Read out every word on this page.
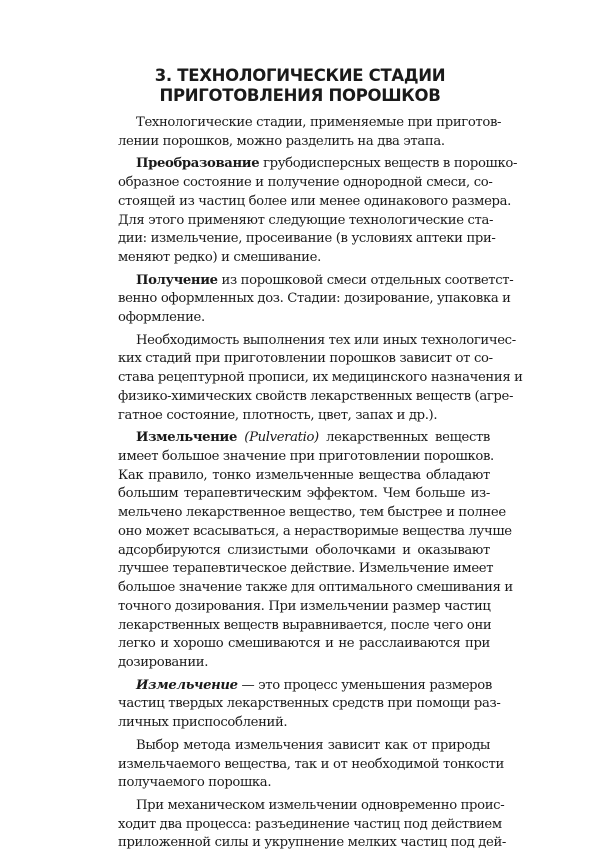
3. ТЕХНОЛОГИЧЕСКИЕ СТАДИИ
ПРИГОТОВЛЕНИЯ ПОРОШКОВ
Технологические стадии, применяемые при приготов-
лении порошков, можно разделить на два этапа.
Преобразование грубодисперсных веществ в порошко-
образное состояние и получение однородной смеси, со-
стоящей из частиц более или менее одинакового размера.
Для этого применяют следующие технологические ста-
дии: измельчение, просеивание (в условиях аптеки при-
меняют редко) и смешивание.
Получение из порошковой смеси отдельных соответст-
венно оформленных доз. Стадии: дозирование, упаковка и
оформление.
Необходимость выполнения тех или иных технологичес-
ких стадий при приготовлении порошков зависит от со-
става рецептурной прописи, их медицинского назначения и
физико-химических свойств лекарственных веществ (агре-
гатное состояние, плотность, цвет, запах и др.).
Измельчение (Pulveratio) лекарственных веществ
имеет большое значение при приготовлении порошков.
Как правило, тонко измельченные вещества обладают
большим терапевтическим эффектом. Чем больше из-
мельчено лекарственное вещество, тем быстрее и полнее
оно может всасываться, а нерастворимые вещества лучше
адсорбируются слизистыми оболочками и оказывают
лучшее терапевтическое действие. Измельчение имеет
большое значение также для оптимального смешивания и
точного дозирования. При измельчении размер частиц
лекарственных веществ выравнивается, после чего они
легко и хорошо смешиваются и не расслаиваются при
дозировании.
Измельчение — это процесс уменьшения размеров
частиц твердых лекарственных средств при помощи раз-
личных приспособлений.
Выбор метода измельчения зависит как от природы
измельчаемого вещества, так и от необходимой тонкости
получаемого порошка.
При механическом измельчении одновременно проис-
ходит два процесса: разъединение частиц под действием
приложенной силы и укрупнение мелких частиц под дей-
